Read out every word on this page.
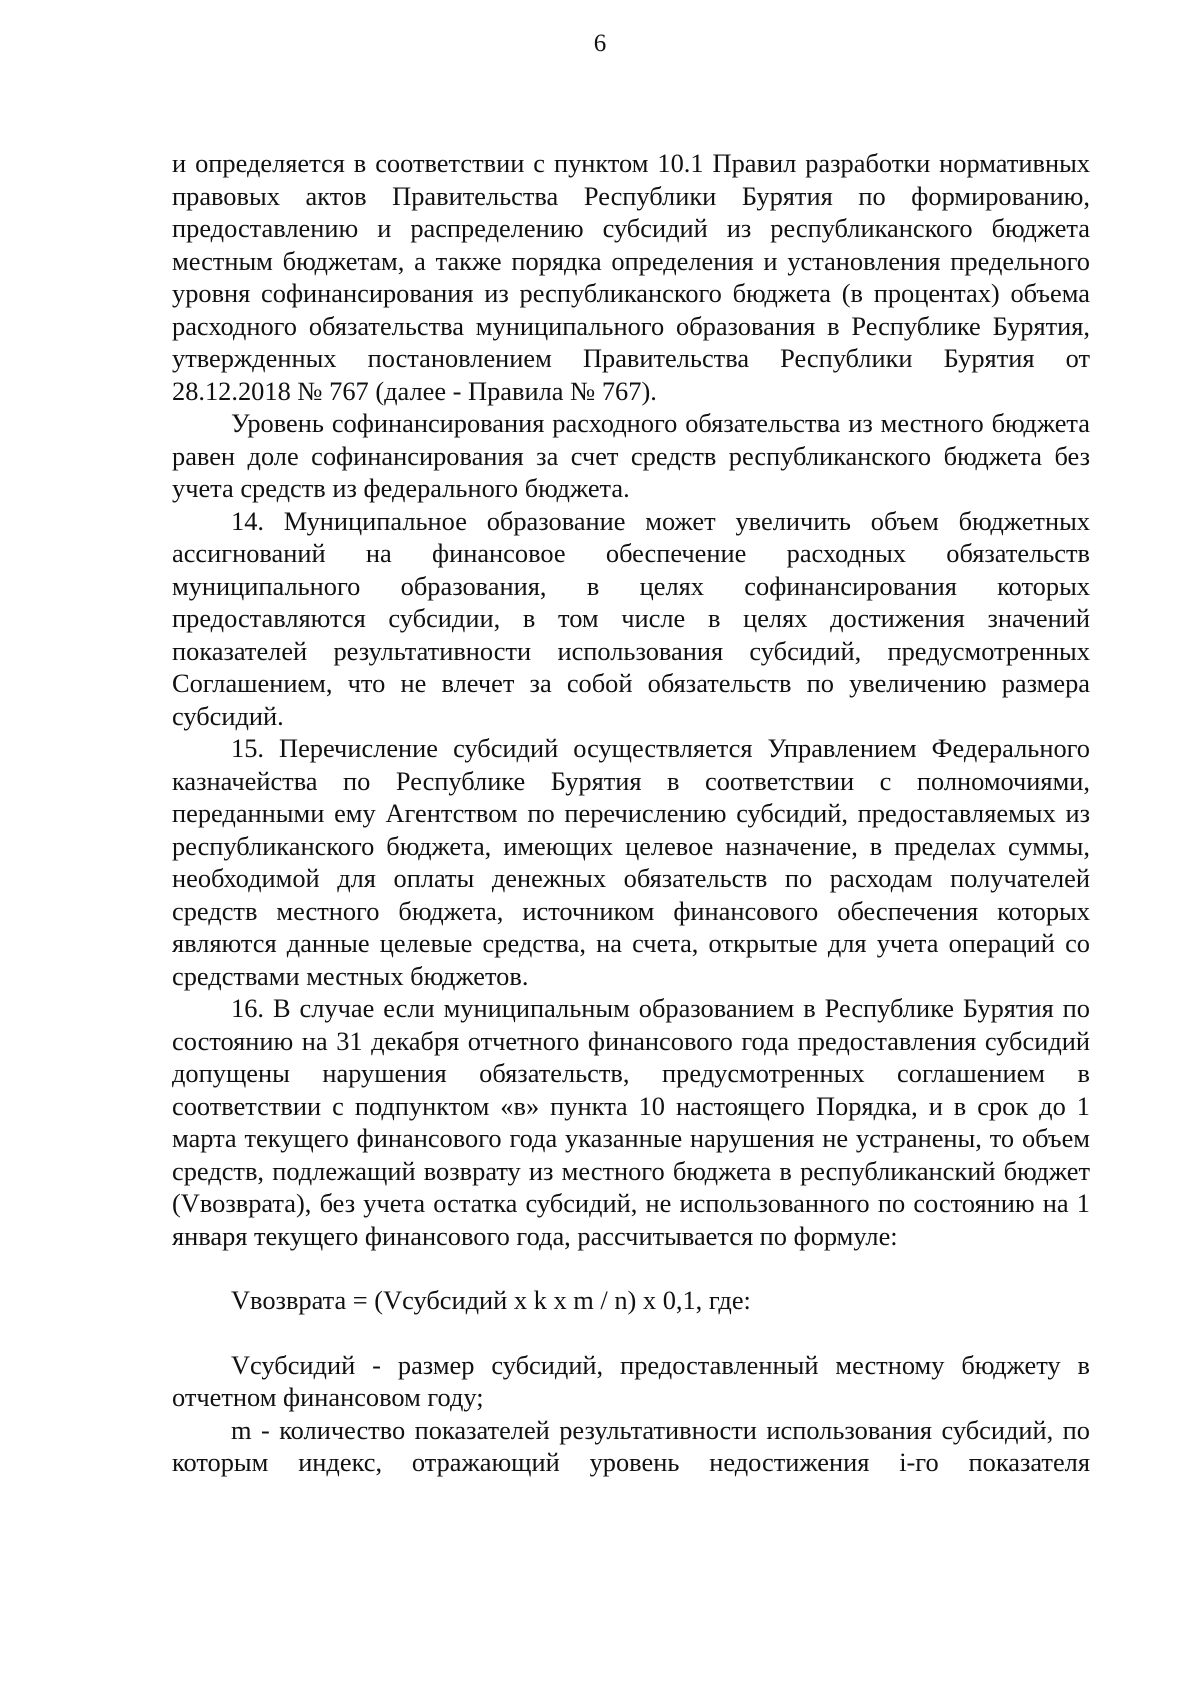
6

и определяется в соответствии с пунктом 10.1 Правил разработки нормативных правовых актов Правительства Республики Бурятия по формированию, предоставлению и распределению субсидий из республиканского бюджета местным бюджетам, а также порядка определения и установления предельного уровня софинансирования из республиканского бюджета (в процентах) объема расходного обязательства муниципального образования в Республике Бурятия, утвержденных постановлением Правительства Республики Бурятия от 28.12.2018 № 767 (далее - Правила № 767).

Уровень софинансирования расходного обязательства из местного бюджета равен доле софинансирования за счет средств республиканского бюджета без учета средств из федерального бюджета.

14. Муниципальное образование может увеличить объем бюджетных ассигнований на финансовое обеспечение расходных обязательств муниципального образования, в целях софинансирования которых предоставляются субсидии, в том числе в целях достижения значений показателей результативности использования субсидий, предусмотренных Соглашением, что не влечет за собой обязательств по увеличению размера субсидий.

15. Перечисление субсидий осуществляется Управлением Федерального казначейства по Республике Бурятия в соответствии с полномочиями, переданными ему Агентством по перечислению субсидий, предоставляемых из республиканского бюджета, имеющих целевое назначение, в пределах суммы, необходимой для оплаты денежных обязательств по расходам получателей средств местного бюджета, источником финансового обеспечения которых являются данные целевые средства, на счета, открытые для учета операций со средствами местных бюджетов.

16. В случае если муниципальным образованием в Республике Бурятия по состоянию на 31 декабря отчетного финансового года предоставления субсидий допущены нарушения обязательств, предусмотренных соглашением в соответствии с подпунктом «в» пункта 10 настоящего Порядка, и в срок до 1 марта текущего финансового года указанные нарушения не устранены, то объем средств, подлежащий возврату из местного бюджета в республиканский бюджет (Vвозврата), без учета остатка субсидий, не использованного по состоянию на 1 января текущего финансового года, рассчитывается по формуле:

Vвозврата = (Vсубсидий x k x m / n) x 0,1, где:

Vсубсидий - размер субсидий, предоставленный местному бюджету в отчетном финансовом году;

m - количество показателей результативности использования субсидий, по которым индекс, отражающий уровень недостижения i-го показателя
